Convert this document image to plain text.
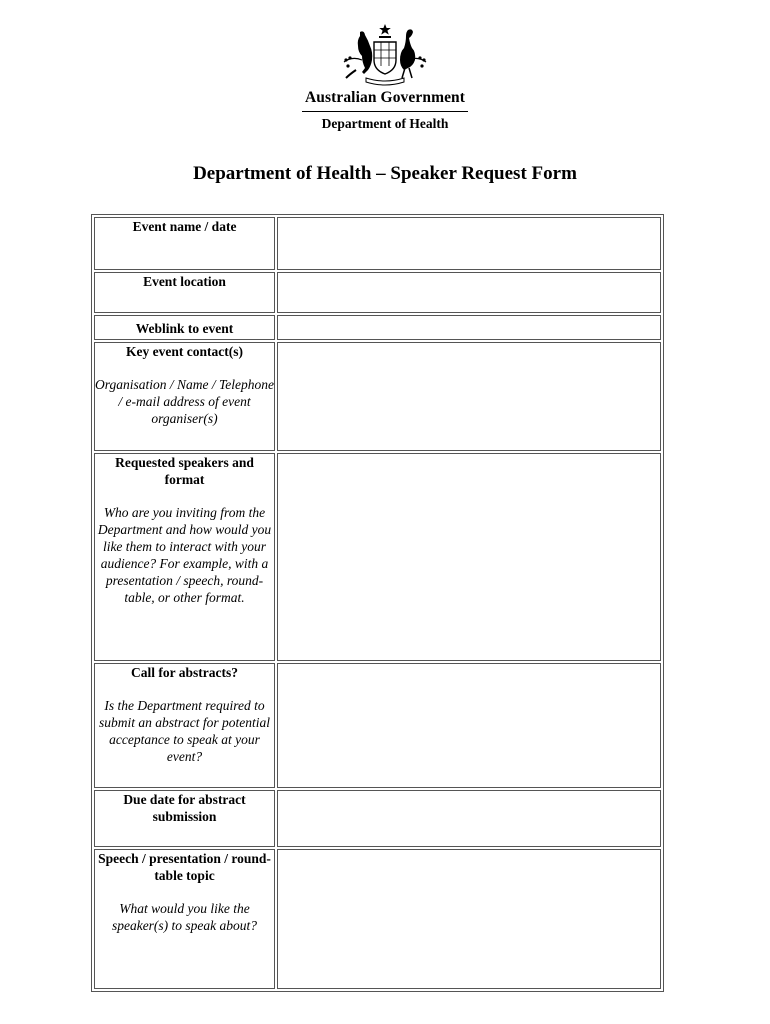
Australian Government
Department of Health
Department of Health – Speaker Request Form
Event name / date	

Event location	

Weblink to event	

Key event contact(s)
Organisation / Name / Telephone / e-mail address of event organiser(s)	

Requested speakers and format
Who are you inviting from the Department and how would you like them to interact with your audience? For example, with a presentation / speech, round-table, or other format.	

Call for abstracts?
Is the Department required to submit an abstract for potential acceptance to speak at your event?	

Due date for abstract submission	

Speech / presentation / round-table topic
What would you like the speaker(s) to speak about?	
